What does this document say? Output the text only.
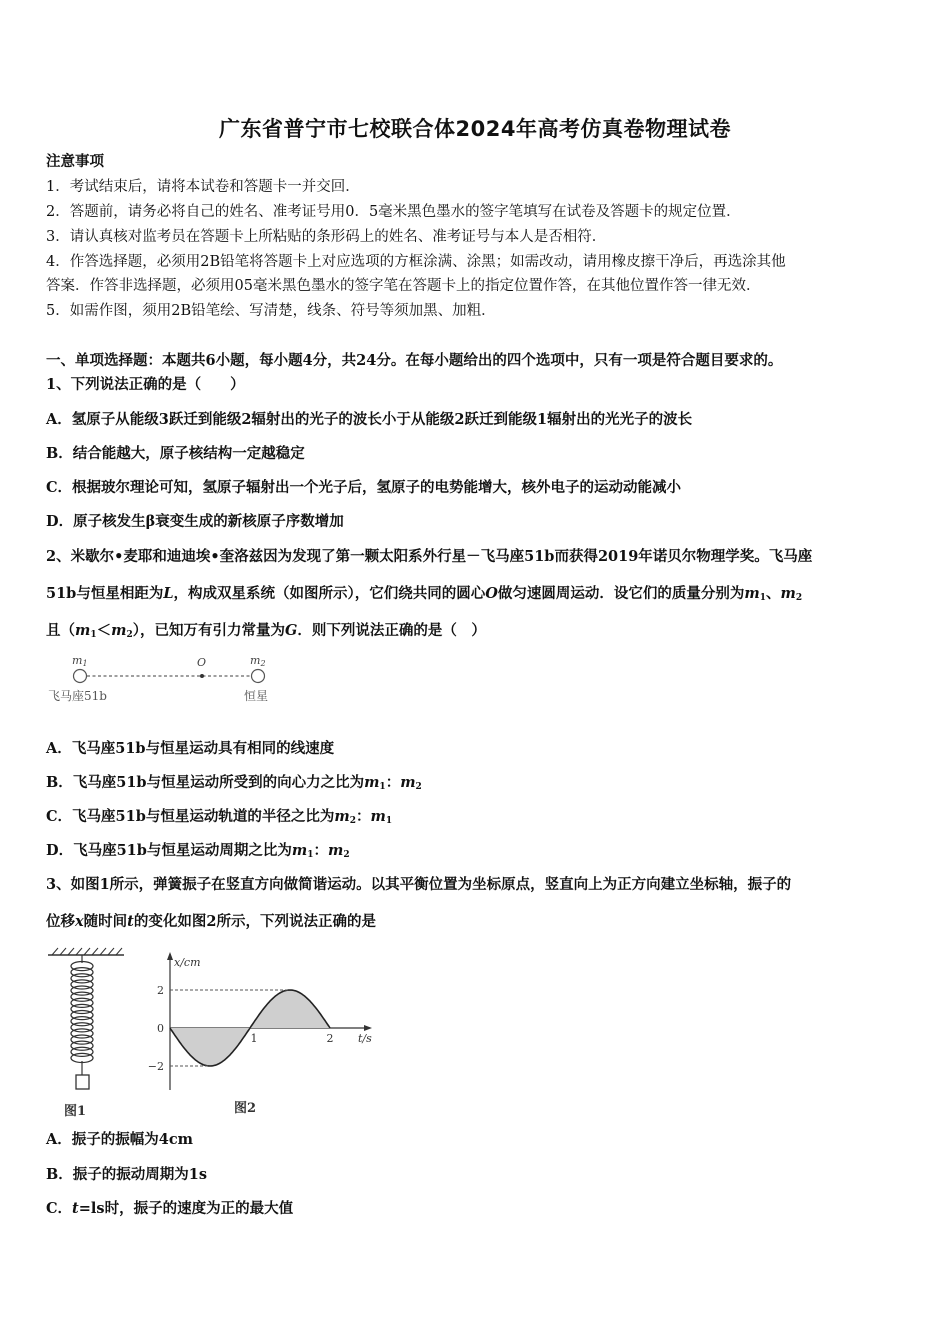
广东省普宁市七校联合体2024年高考仿真卷物理试卷
注意事项
1．考试结束后，请将本试卷和答题卡一并交回．
2．答题前，请务必将自己的姓名、准考证号用0．5毫米黑色墨水的签字笔填写在试卷及答题卡的规定位置．
3．请认真核对监考员在答题卡上所粘贴的条形码上的姓名、准考证号与本人是否相符．
4．作答选择题，必须用2B铅笔将答题卡上对应选项的方框涂满、涂黑；如需改动，请用橡皮擦干净后，再选涂其他
答案．作答非选择题，必须用05毫米黑色墨水的签字笔在答题卡上的指定位置作答，在其他位置作答一律无效．
5．如需作图，须用2B铅笔绘、写清楚，线条、符号等须加黑、加粗．
一、单项选择题：本题共6小题，每小题4分，共24分。在每小题给出的四个选项中，只有一项是符合题目要求的。
1、下列说法正确的是（　　）
A．氢原子从能级3跃迁到能级2辐射出的光子的波长小于从能级2跃迁到能级1辐射出的光光子的波长
B．结合能越大，原子核结构一定越稳定
C．根据玻尔理论可知，氢原子辐射出一个光子后，氢原子的电势能增大，核外电子的运动动能减小
D．原子核发生β衰变生成的新核原子序数增加
2、米歇尔•麦耶和迪迪埃•奎洛兹因为发现了第一颗太阳系外行星－飞马座51b而获得2019年诺贝尔物理学奖。飞马座
51b与恒星相距为L，构成双星系统（如图所示），它们绕共同的圆心O做匀速圆周运动．设它们的质量分别为$m_1$、$m_2$
且$(m_1<m_2)$，已知万有引力常量为G．则下列说法正确的是（　）
m1	O	m2
飞马座51b	恒星
A．飞马座51b与恒星运动具有相同的线速度
B．飞马座51b与恒星运动所受到的向心力之比为$m_1$：$m_2$
C．飞马座51b与恒星运动轨道的半径之比为$m_2$：$m_1$
D．飞马座51b与恒星运动周期之比为$m_1$：$m_2$
3、如图1所示，弹簧振子在竖直方向做简谐运动。以其平衡位置为坐标原点，竖直向上为正方向建立坐标轴，振子的
位移x随时间t的变化如图2所示，下列说法正确的是
图1
x/cm
t/s
2
0
−2
1	2
图2
A．振子的振幅为4cm
B．振子的振动周期为1s
C．t=ls时，振子的速度为正的最大值
